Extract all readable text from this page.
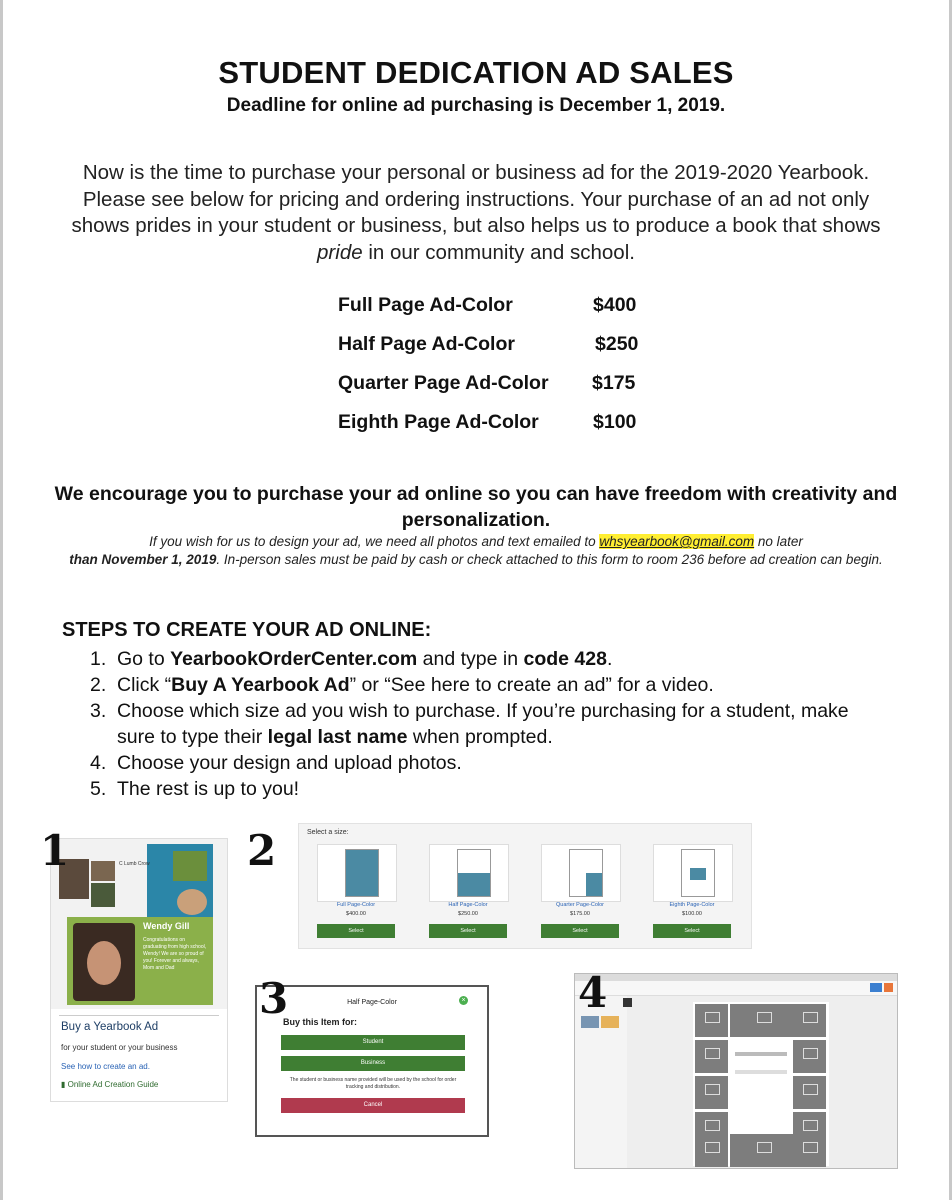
STUDENT DEDICATION AD SALES
Deadline for online ad purchasing is December 1, 2019.
Now is the time to purchase your personal or business ad for the 2019-2020 Yearbook. Please see below for pricing and ordering instructions. Your purchase of an ad not only shows prides in your student or business, but also helps us to produce a book that shows pride in our community and school.
Full Page Ad-Color	$400
Half Page Ad-Color	$250
Quarter Page Ad-Color $175
Eighth Page Ad-Color	$100
We encourage you to purchase your ad online so you can have freedom with creativity and personalization.
If you wish for us to design your ad, we need all photos and text emailed to whsyearbook@gmail.com no later
than November 1, 2019. In-person sales must be paid by cash or check attached to this form to room 236 before ad creation can begin.
STEPS TO CREATE YOUR AD ONLINE:
1. Go to YearbookOrderCenter.com and type in code 428.
2. Click “Buy A Yearbook Ad” or “See here to create an ad” for a video.
3. Choose which size ad you wish to purchase. If you’re purchasing for a student, make sure to type their legal last name when prompted.
4. Choose your design and upload photos.
5. The rest is up to you!
C Lumb Crow
Wendy Gill
Congratulations on graduating from high school, Wendy! We are so proud of you! Forever and always, Mom and Dad
Buy a Yearbook Ad
for your student or your business
See how to create an ad.
▮ Online Ad Creation Guide
1	2	Select a size:
Full Page-Color
$400.00
Select
Half Page-Color
$250.00
Select
Quarter Page-Color
$175.00
Select
Eighth Page-Color
$100.00
Select
Half Page-Color	×
Buy this Item for:
Student
Business
The student or business name provided will be used by the school for order tracking and distribution.
Cancel
3	4
